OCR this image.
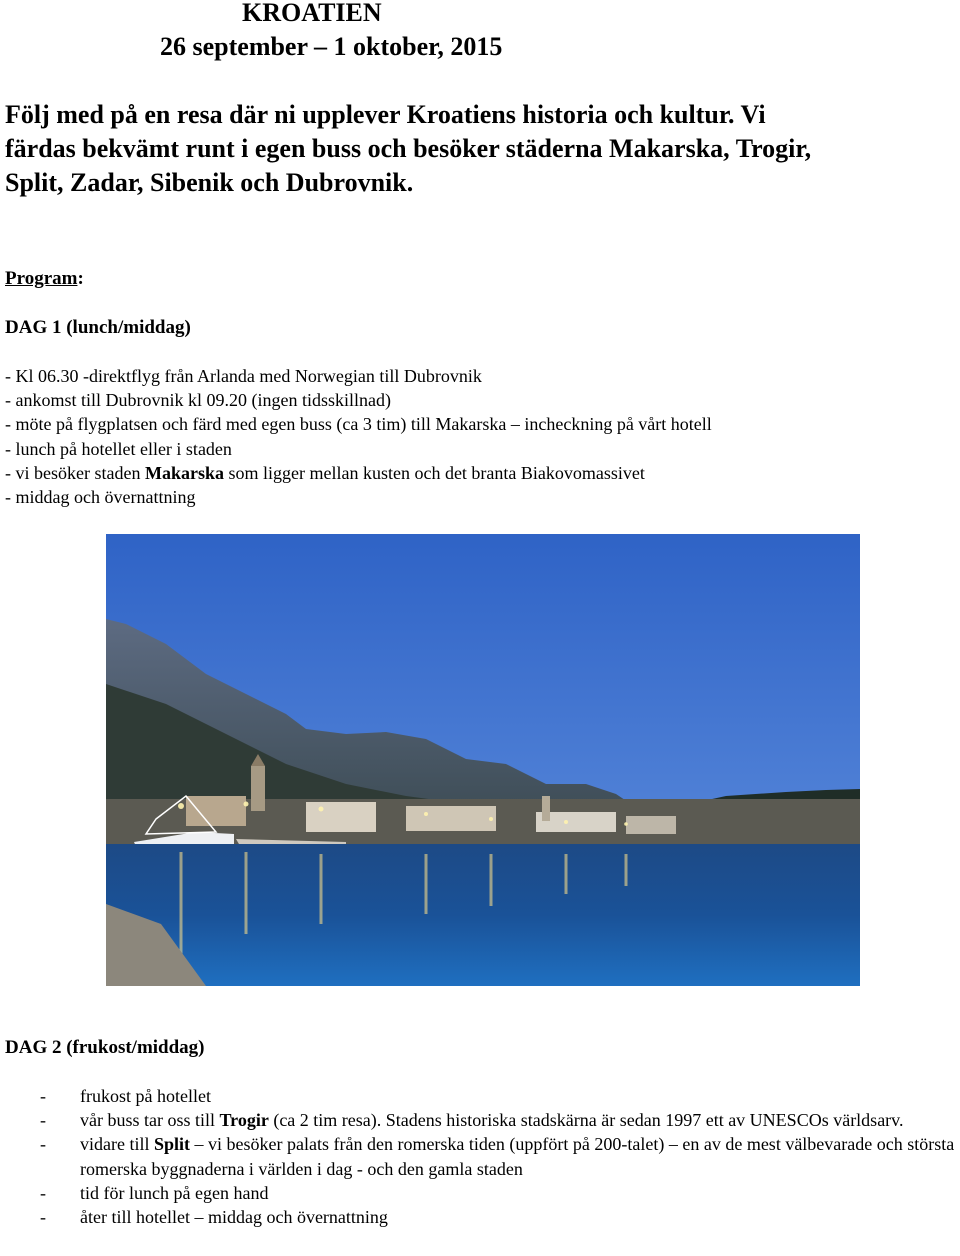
KROATIEN
26 september – 1 oktober, 2015
Följ med på en resa där ni upplever Kroatiens historia och kultur. Vi
färdas bekvämt runt i egen buss och besöker städerna Makarska, Trogir,
Split, Zadar, Sibenik och Dubrovnik.
Program:
DAG 1 (lunch/middag)
- Kl 06.30 -direktflyg från Arlanda med Norwegian till Dubrovnik
- ankomst till Dubrovnik kl 09.20 (ingen tidsskillnad)
- möte på flygplatsen och färd med egen buss (ca 3 tim) till Makarska – incheckning på vårt hotell
- lunch på hotellet eller i staden
- vi besöker staden Makarska som ligger mellan kusten och det branta Biakovomassivet
- middag och övernattning
DAG 2 (frukost/middag)
-	frukost på hotellet
-	vår buss tar oss till Trogir (ca 2 tim resa). Stadens historiska stadskärna är sedan 1997 ett av UNESCOs världsarv.
-	vidare till Split – vi besöker palats från den romerska tiden (uppfört på 200-talet) – en av de mest välbevarade och största romerska byggnaderna i världen i dag - och den gamla staden
-	tid för lunch på egen hand
-	åter till hotellet – middag och övernattning
